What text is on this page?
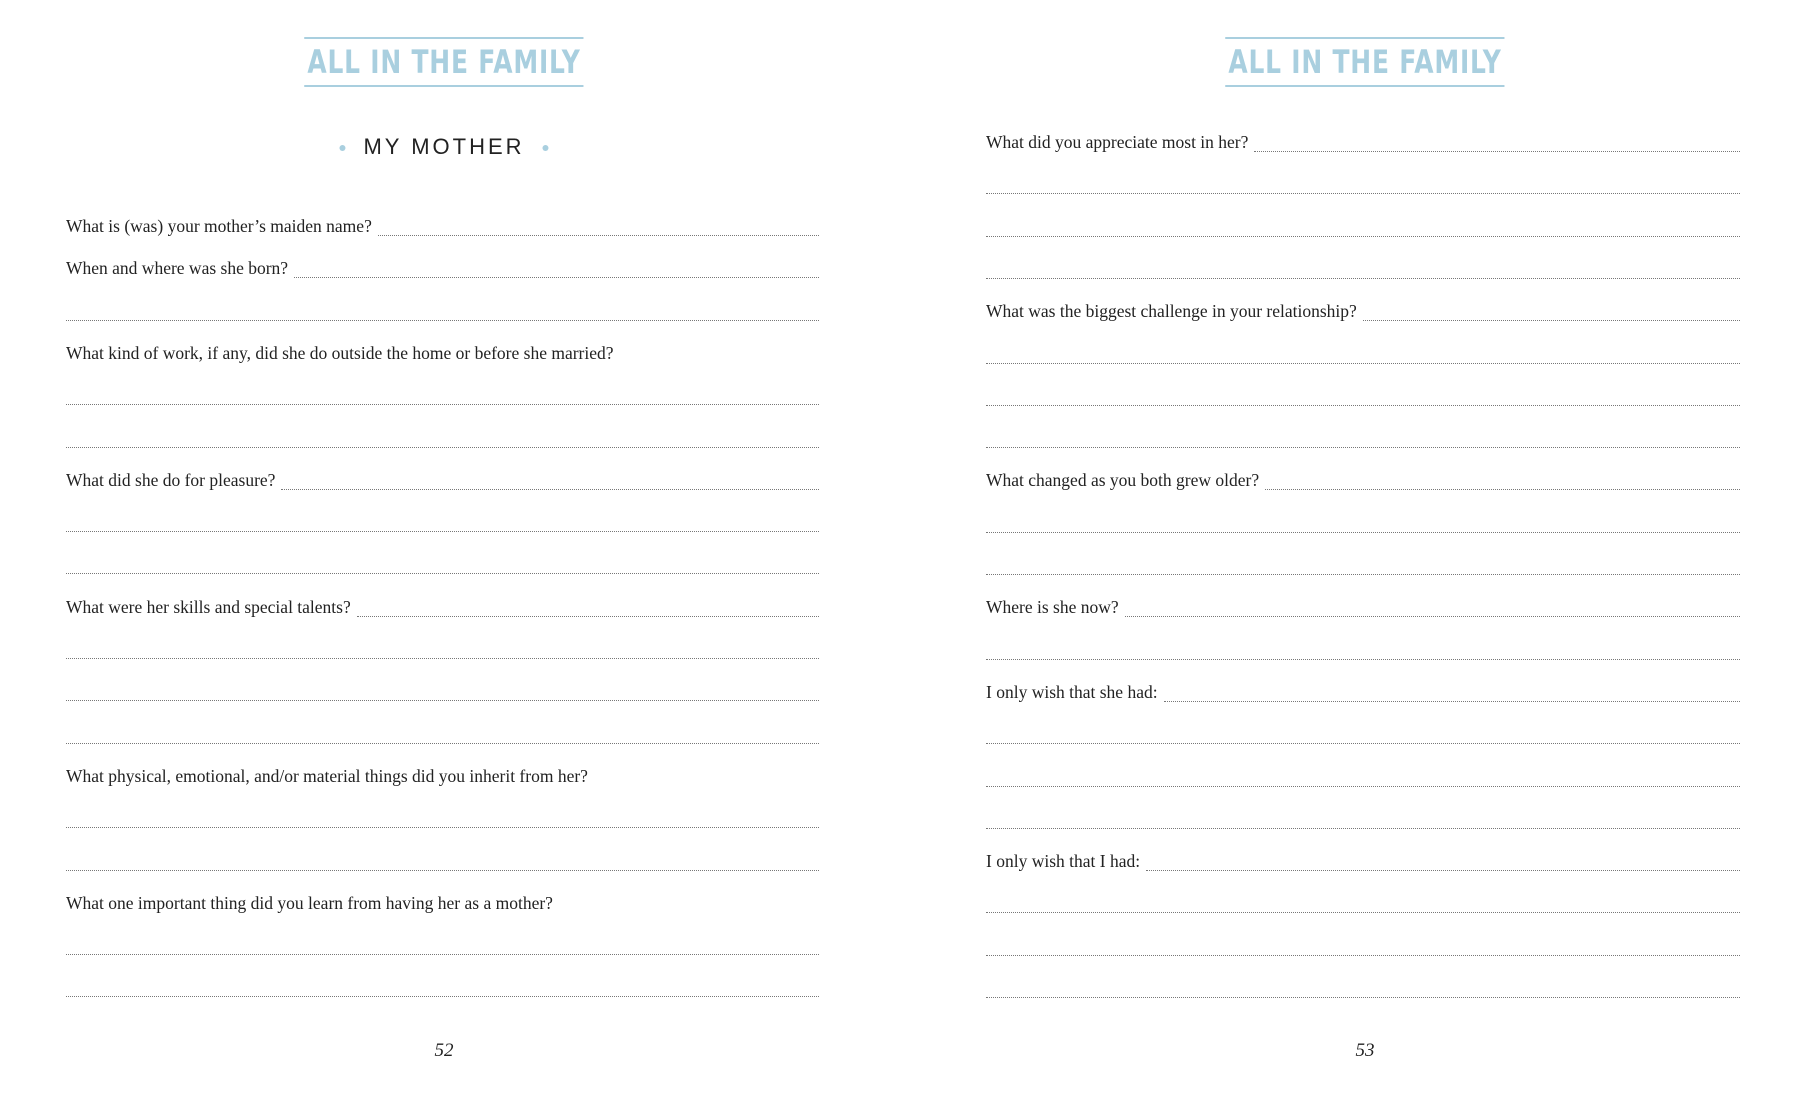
ALL IN THE FAMILY
MY MOTHER
What is (was) your mother’s maiden name?
When and where was she born?
What kind of work, if any, did she do outside the home or before she married?
What did she do for pleasure?
What were her skills and special talents?
What physical, emotional, and/or material things did you inherit from her?
What one important thing did you learn from having her as a mother?
52
ALL IN THE FAMILY
What did you appreciate most in her?
What was the biggest challenge in your relationship?
What changed as you both grew older?
Where is she now?
I only wish that she had:
I only wish that I had:
53
